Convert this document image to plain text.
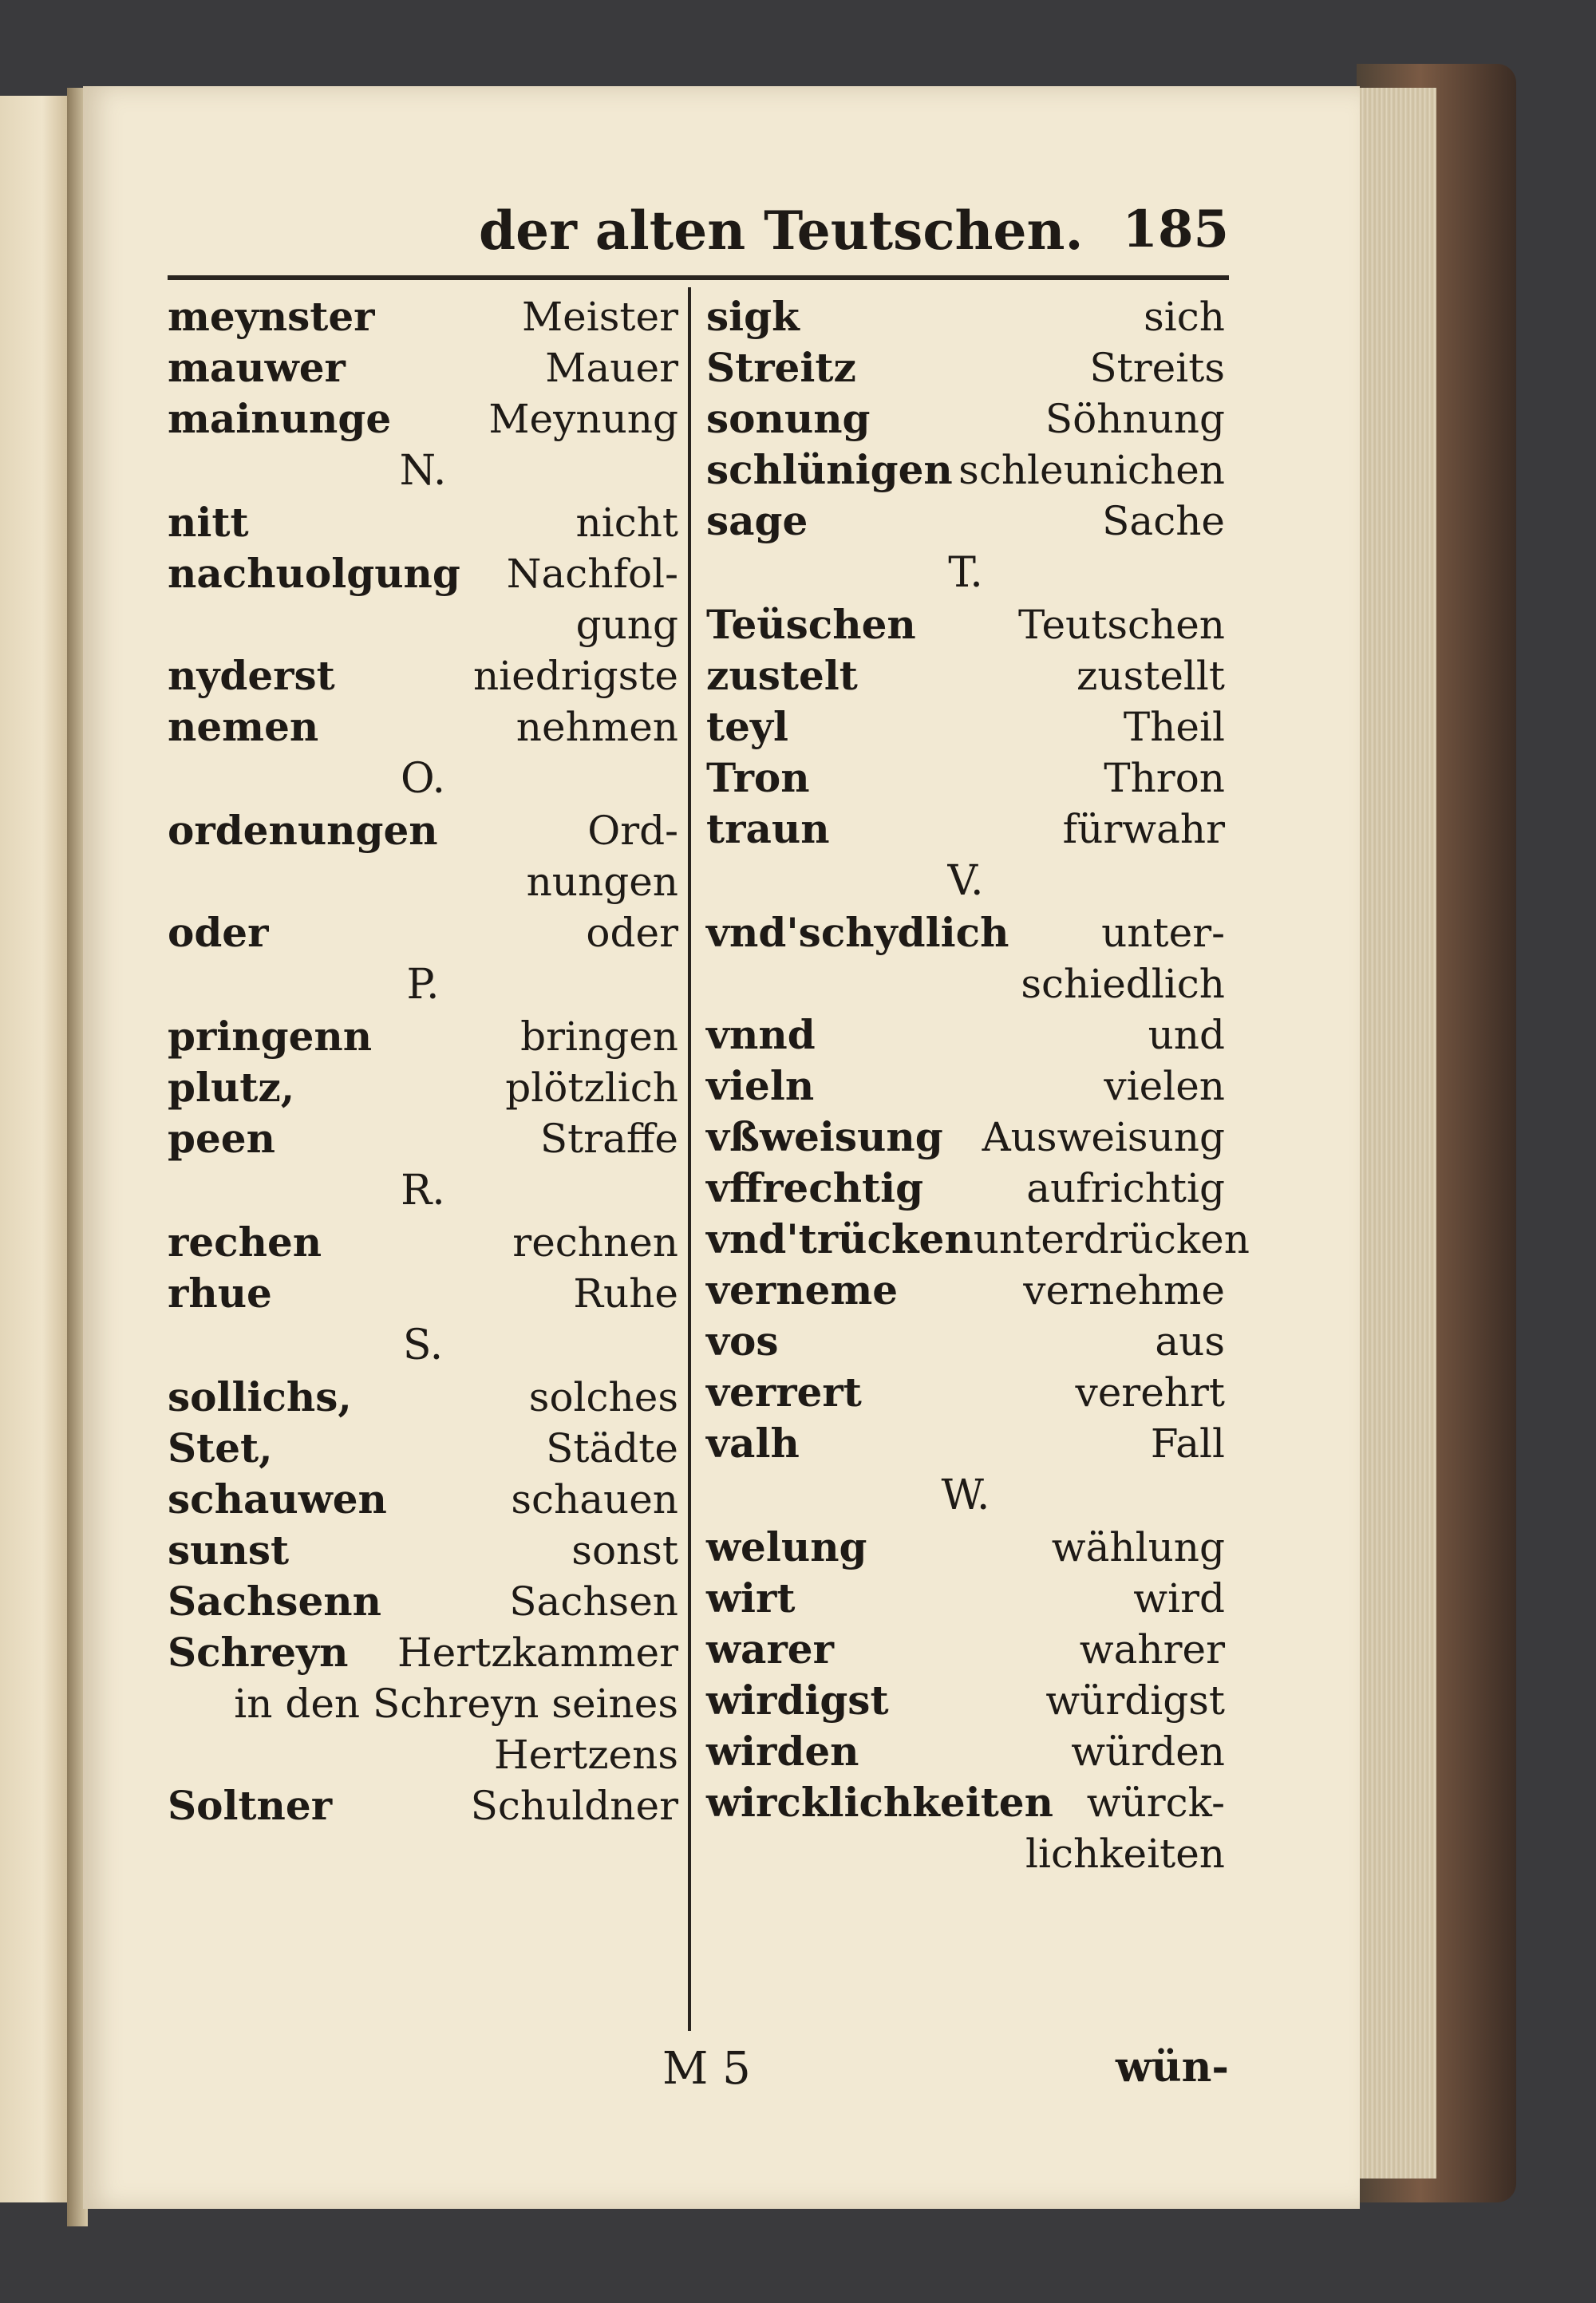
der alten Teutschen. 185
meynster	Meister
mauwer	Mauer
mainunge Meynung
N.
nitt	nicht
nachuolgung Nachfol-
gung
nyderst	niedrigste
nemen	nehmen
O.
ordenungen	Ord-
nungen
oder	oder
P.
pringenn	bringen
plutz,	plötzlich
peen	Straffe
R.
rechen	rechnen
rhue	Ruhe
S.
sollichs,	solches
Stet,	Städte
schauwen	schauen
sunst	sonst
Sachsenn	Sachsen
Schreyn Hertzkammer
in den Schreyn seines
Hertzens
Soltner	Schuldner
sigk	sich
Streitz	Streits
sonung	Söhnung
schlünigen schleunichen
sage	Sache
T.
Teüschen	Teutschen
zustelt	zustellt
teyl	Theil
Tron	Thron
traun	fürwahr
V.
vnd'schydlich unter-
schiedlich
vnnd	und
vieln	vielen
vßweisung Ausweisung
vffrechtig	aufrichtig
vnd'trücken unterdrücken
verneme	vernehme
vos	aus
verrert	verehrt
valh	Fall
W.
welung	wählung
wirt	wird
warer	wahrer
wirdigst	würdigst
wirden	würden
wircklichkeiten würck-
lichkeiten
M 5	wün-
